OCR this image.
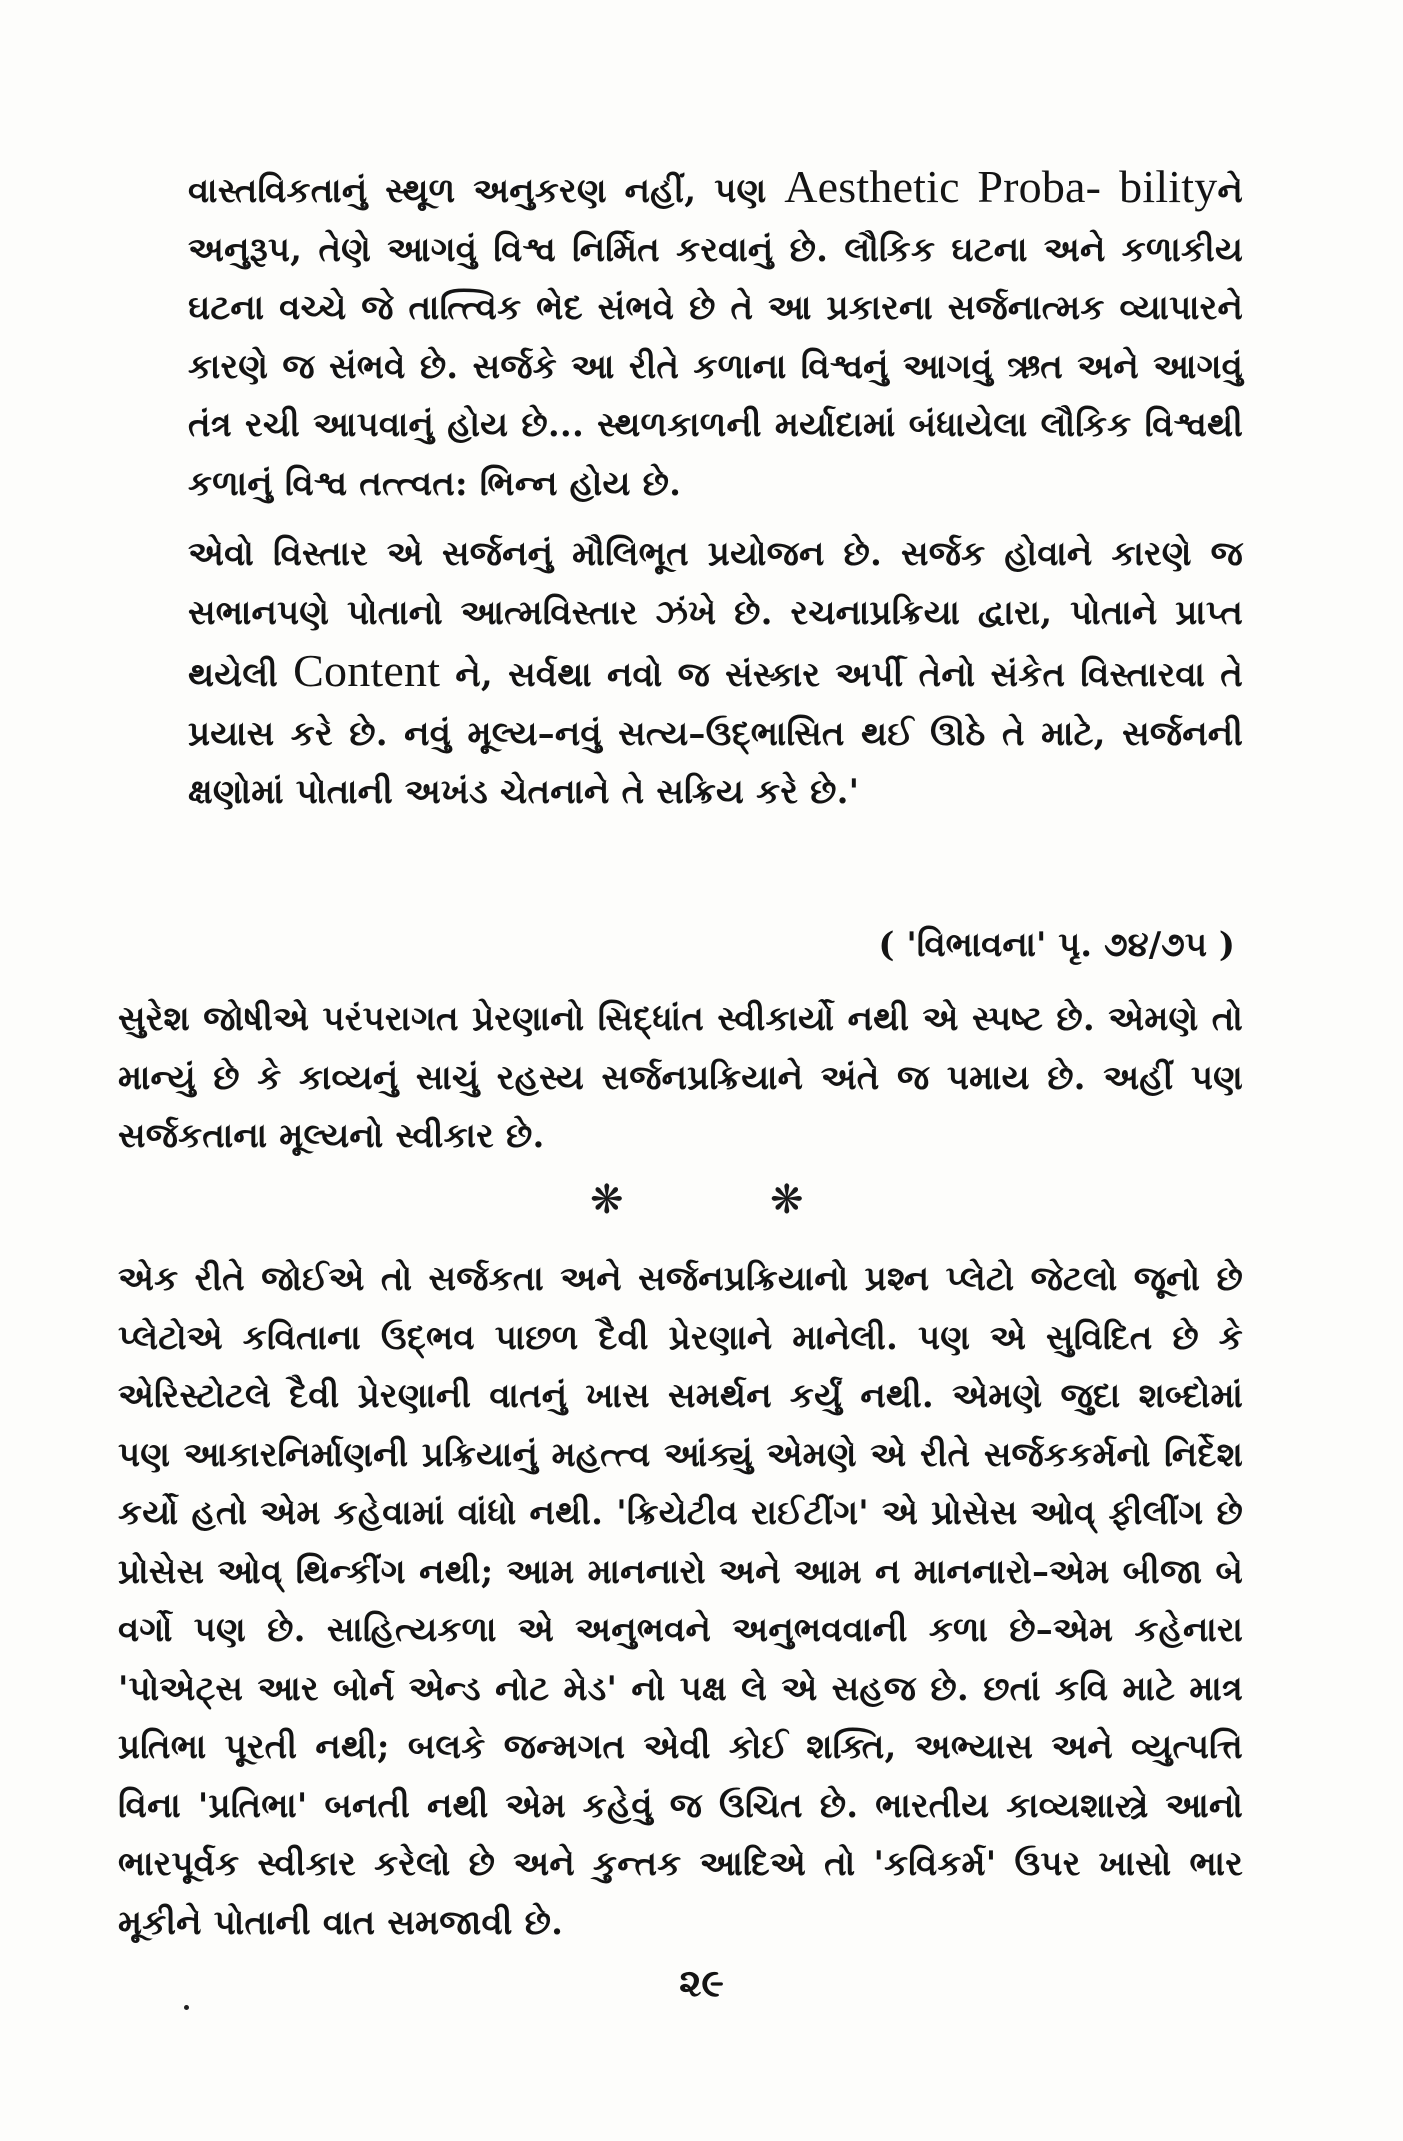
વાસ્તવિકતાનું સ્થૂળ અનુકરણ નહીં, પણ Aesthetic Proba- bilityને અનુરૂપ, તેણે આગવું વિશ્વ નિર્મિત કરવાનું છે. લૌકિક ઘટના અને કળાકીય ઘટના વચ્ચે જે તાત્ત્વિક ભેદ સંભવે છે તે આ પ્રકારના સર્જનાત્મક વ્યાપારને કારણે જ સંભવે છે. સર્જકે આ રીતે કળાના વિશ્વનું આગવું ઋત અને આગવું તંત્ર રચી આપવાનું હોય છે... સ્થળકાળની મર્યાદામાં બંધાયેલા લૌકિક વિશ્વથી કળાનું વિશ્વ તત્ત્વત: ભિન્ન હોય છે.

એવો વિસ્તાર એ સર્જનનું મૌલિભૂત પ્રયોજન છે. સર્જક હોવાને કારણે જ સભાનપણે પોતાનો આત્મવિસ્તાર ઝંખે છે. રચનાપ્રક્રિયા દ્વારા, પોતાને પ્રાપ્ત થયેલી Content ને, સર્વથા નવો જ સંસ્કાર અર્પી તેનો સંકેત વિસ્તારવા તે પ્રયાસ કરે છે. નવું મૂલ્ય–નવું સત્ય–ઉદ્ભાસિત થઈ ઊઠે તે માટે, સર્જનની ક્ષણોમાં પોતાની અખંડ ચેતનાને તે સક્રિય કરે છે.'

( 'વિભાવના' પૃ. ૭૪/૭૫ )

સુરેશ જોષીએ પરંપરાગત પ્રેરણાનો સિદ્ધાંત સ્વીકાર્યો નથી એ સ્પષ્ટ છે. એમણે તો માન્યું છે કે કાવ્યનું સાચું રહસ્ય સર્જનપ્રક્રિયાને અંતે જ પમાય છે. અહીં પણ સર્જકતાના મૂલ્યનો સ્વીકાર છે.

❋	❋

એક રીતે જોઈએ તો સર્જકતા અને સર્જનપ્રક્રિયાનો પ્રશ્ન પ્લેટો જેટલો જૂનો છે પ્લેટોએ કવિતાના ઉદ્ભવ પાછળ દૈવી પ્રેરણાને માનેલી. પણ એ સુવિદિત છે કે એરિસ્ટોટલે દૈવી પ્રેરણાની વાતનું ખાસ સમર્થન કર્યું નથી. એમણે જુદા શબ્દોમાં પણ આકારનિર્માણની પ્રક્રિયાનું મહત્ત્વ આંક્યું એમણે એ રીતે સર્જકકર્મનો નિર્દેશ કર્યો હતો એમ કહેવામાં વાંધો નથી. 'ક્રિયેટીવ રાઈટીંગ' એ પ્રોસેસ ઓવ્ ફીલીંગ છે પ્રોસેસ ઓવ્ થિન્કીંગ નથી; આમ માનનારો અને આમ ન માનનારો–એમ બીજા બે વર્ગો પણ છે. સાહિત્યકળા એ અનુભવને અનુભવવાની કળા છે–એમ કહેનારા 'પોએટ્સ આર બોર્ન એન્ડ નોટ મેડ' નો પક્ષ લે એ સહજ છે. છતાં કવિ માટે માત્ર પ્રતિભા પૂરતી નથી; બલકે જન્મગત એવી કોઈ શક્તિ, અભ્યાસ અને વ્યુત્પત્તિ વિના 'પ્રતિભા' બનતી નથી એમ કહેવું જ ઉચિત છે. ભારતીય કાવ્યશાસ્ત્રે આનો ભારપૂર્વક સ્વીકાર કરેલો છે અને કુન્તક આદિએ તો 'કવિકર્મ' ઉપર ખાસો ભાર મૂકીને પોતાની વાત સમજાવી છે.

૨૯
